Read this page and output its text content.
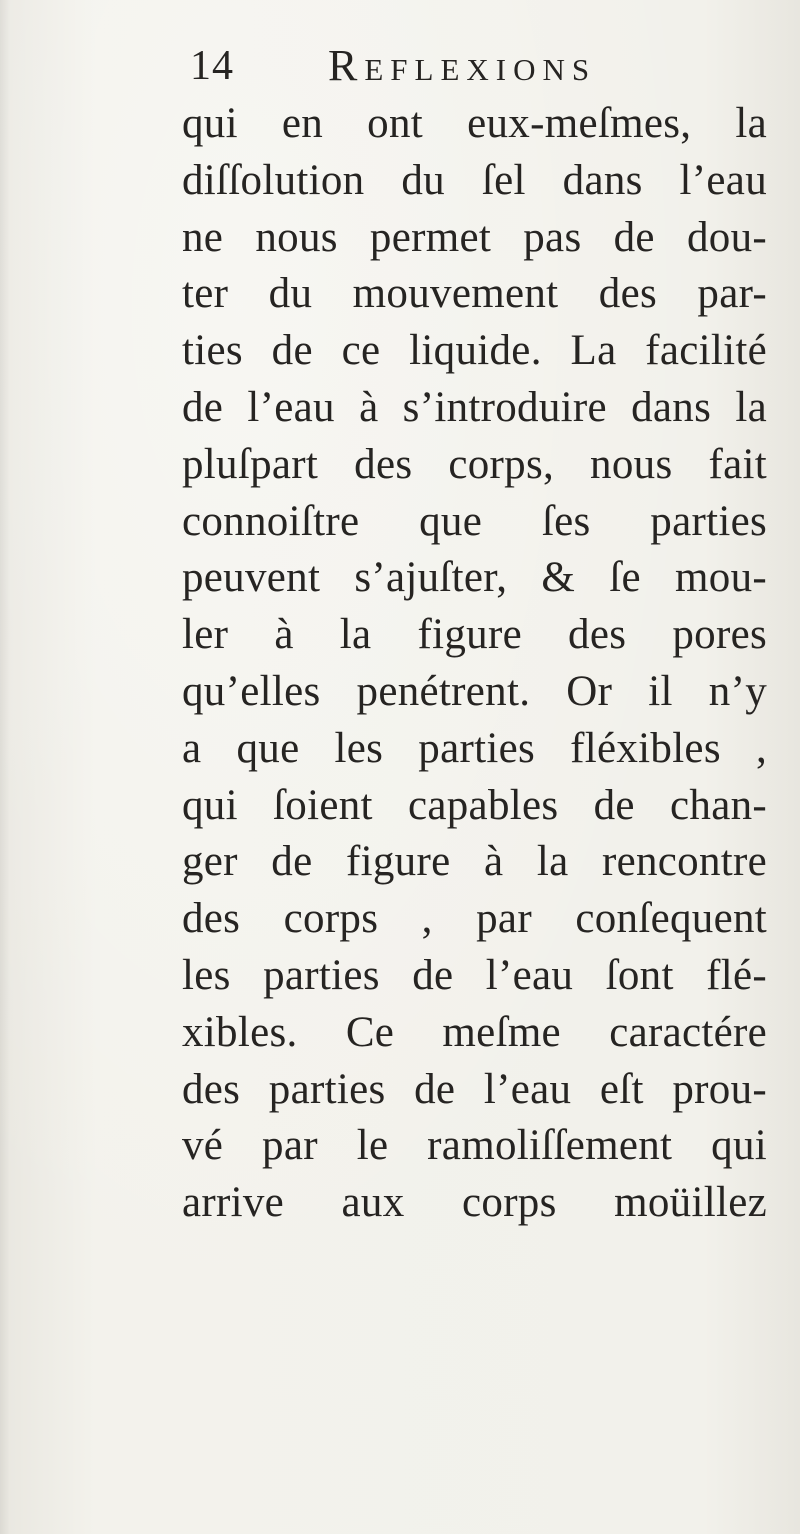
14 Reflexions
qui en ont eux-meſmes, la
diſſolution du ſel dans l’eau
ne nous permet pas de dou-
ter du mouvement des par-
ties de ce liquide. La facilité
de l’eau à s’introduire dans la
pluſpart des corps, nous fait
connoiſtre que ſes parties
peuvent s’ajuſter, & ſe mou-
ler à la figure des pores
qu’elles penétrent. Or il n’y
a que les parties fléxibles ,
qui ſoient capables de chan-
ger de figure à la rencontre
des corps , par conſequent
les parties de l’eau ſont flé-
xibles. Ce meſme caractére
des parties de l’eau eſt prou-
vé par le ramoliſſement qui
arrive aux corps moüillez
